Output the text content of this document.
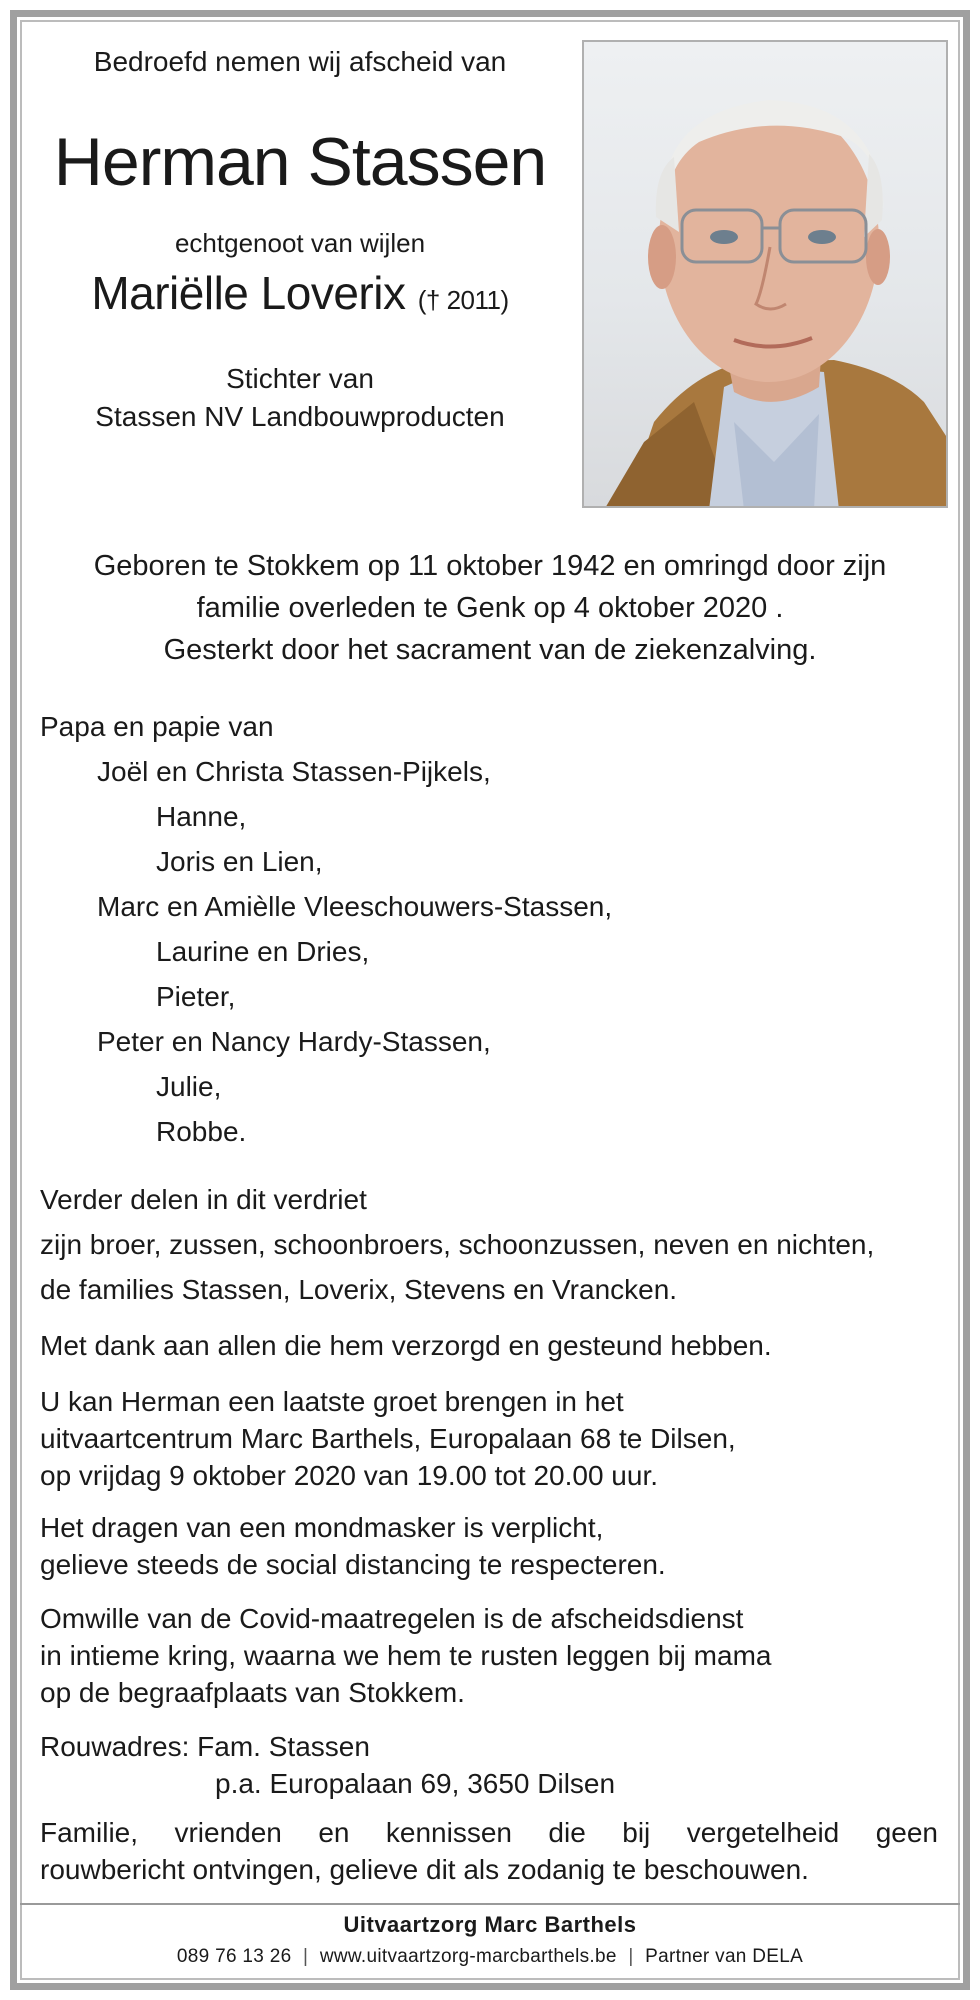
Bedroefd nemen wij afscheid van
Herman Stassen
echtgenoot van wijlen
Mariëlle Loverix († 2011)
Stichter van
Stassen NV Landbouwproducten
Geboren te Stokkem op 11 oktober 1942 en omringd door zijn
familie overleden te Genk op 4 oktober 2020 .
Gesterkt door het sacrament van de ziekenzalving.
Papa en papie van
Joël en Christa Stassen-Pijkels,
Hanne,
Joris en Lien,
Marc en Amièlle Vleeschouwers-Stassen,
Laurine en Dries,
Pieter,
Peter en Nancy Hardy-Stassen,
Julie,
Robbe.
Verder delen in dit verdriet
zijn broer, zussen, schoonbroers, schoonzussen, neven en nichten,
de families Stassen, Loverix, Stevens en Vrancken.
Met dank aan allen die hem verzorgd en gesteund hebben.
U kan Herman een laatste groet brengen in het
uitvaartcentrum Marc Barthels, Europalaan 68 te Dilsen,
op vrijdag 9 oktober 2020 van 19.00 tot 20.00 uur.
Het dragen van een mondmasker is verplicht,
gelieve steeds de social distancing te respecteren.
Omwille van de Covid-maatregelen is de afscheidsdienst
in intieme kring, waarna we hem te rusten leggen bij mama
op de begraafplaats van Stokkem.
Rouwadres: Fam. Stassen
p.a. Europalaan 69, 3650 Dilsen
Familie, vrienden en kennissen die bij vergetelheid geen
rouwbericht ontvingen, gelieve dit als zodanig te beschouwen.
Uitvaartzorg Marc Barthels
089 76 13 26 | www.uitvaartzorg-marcbarthels.be | Partner van DELA
